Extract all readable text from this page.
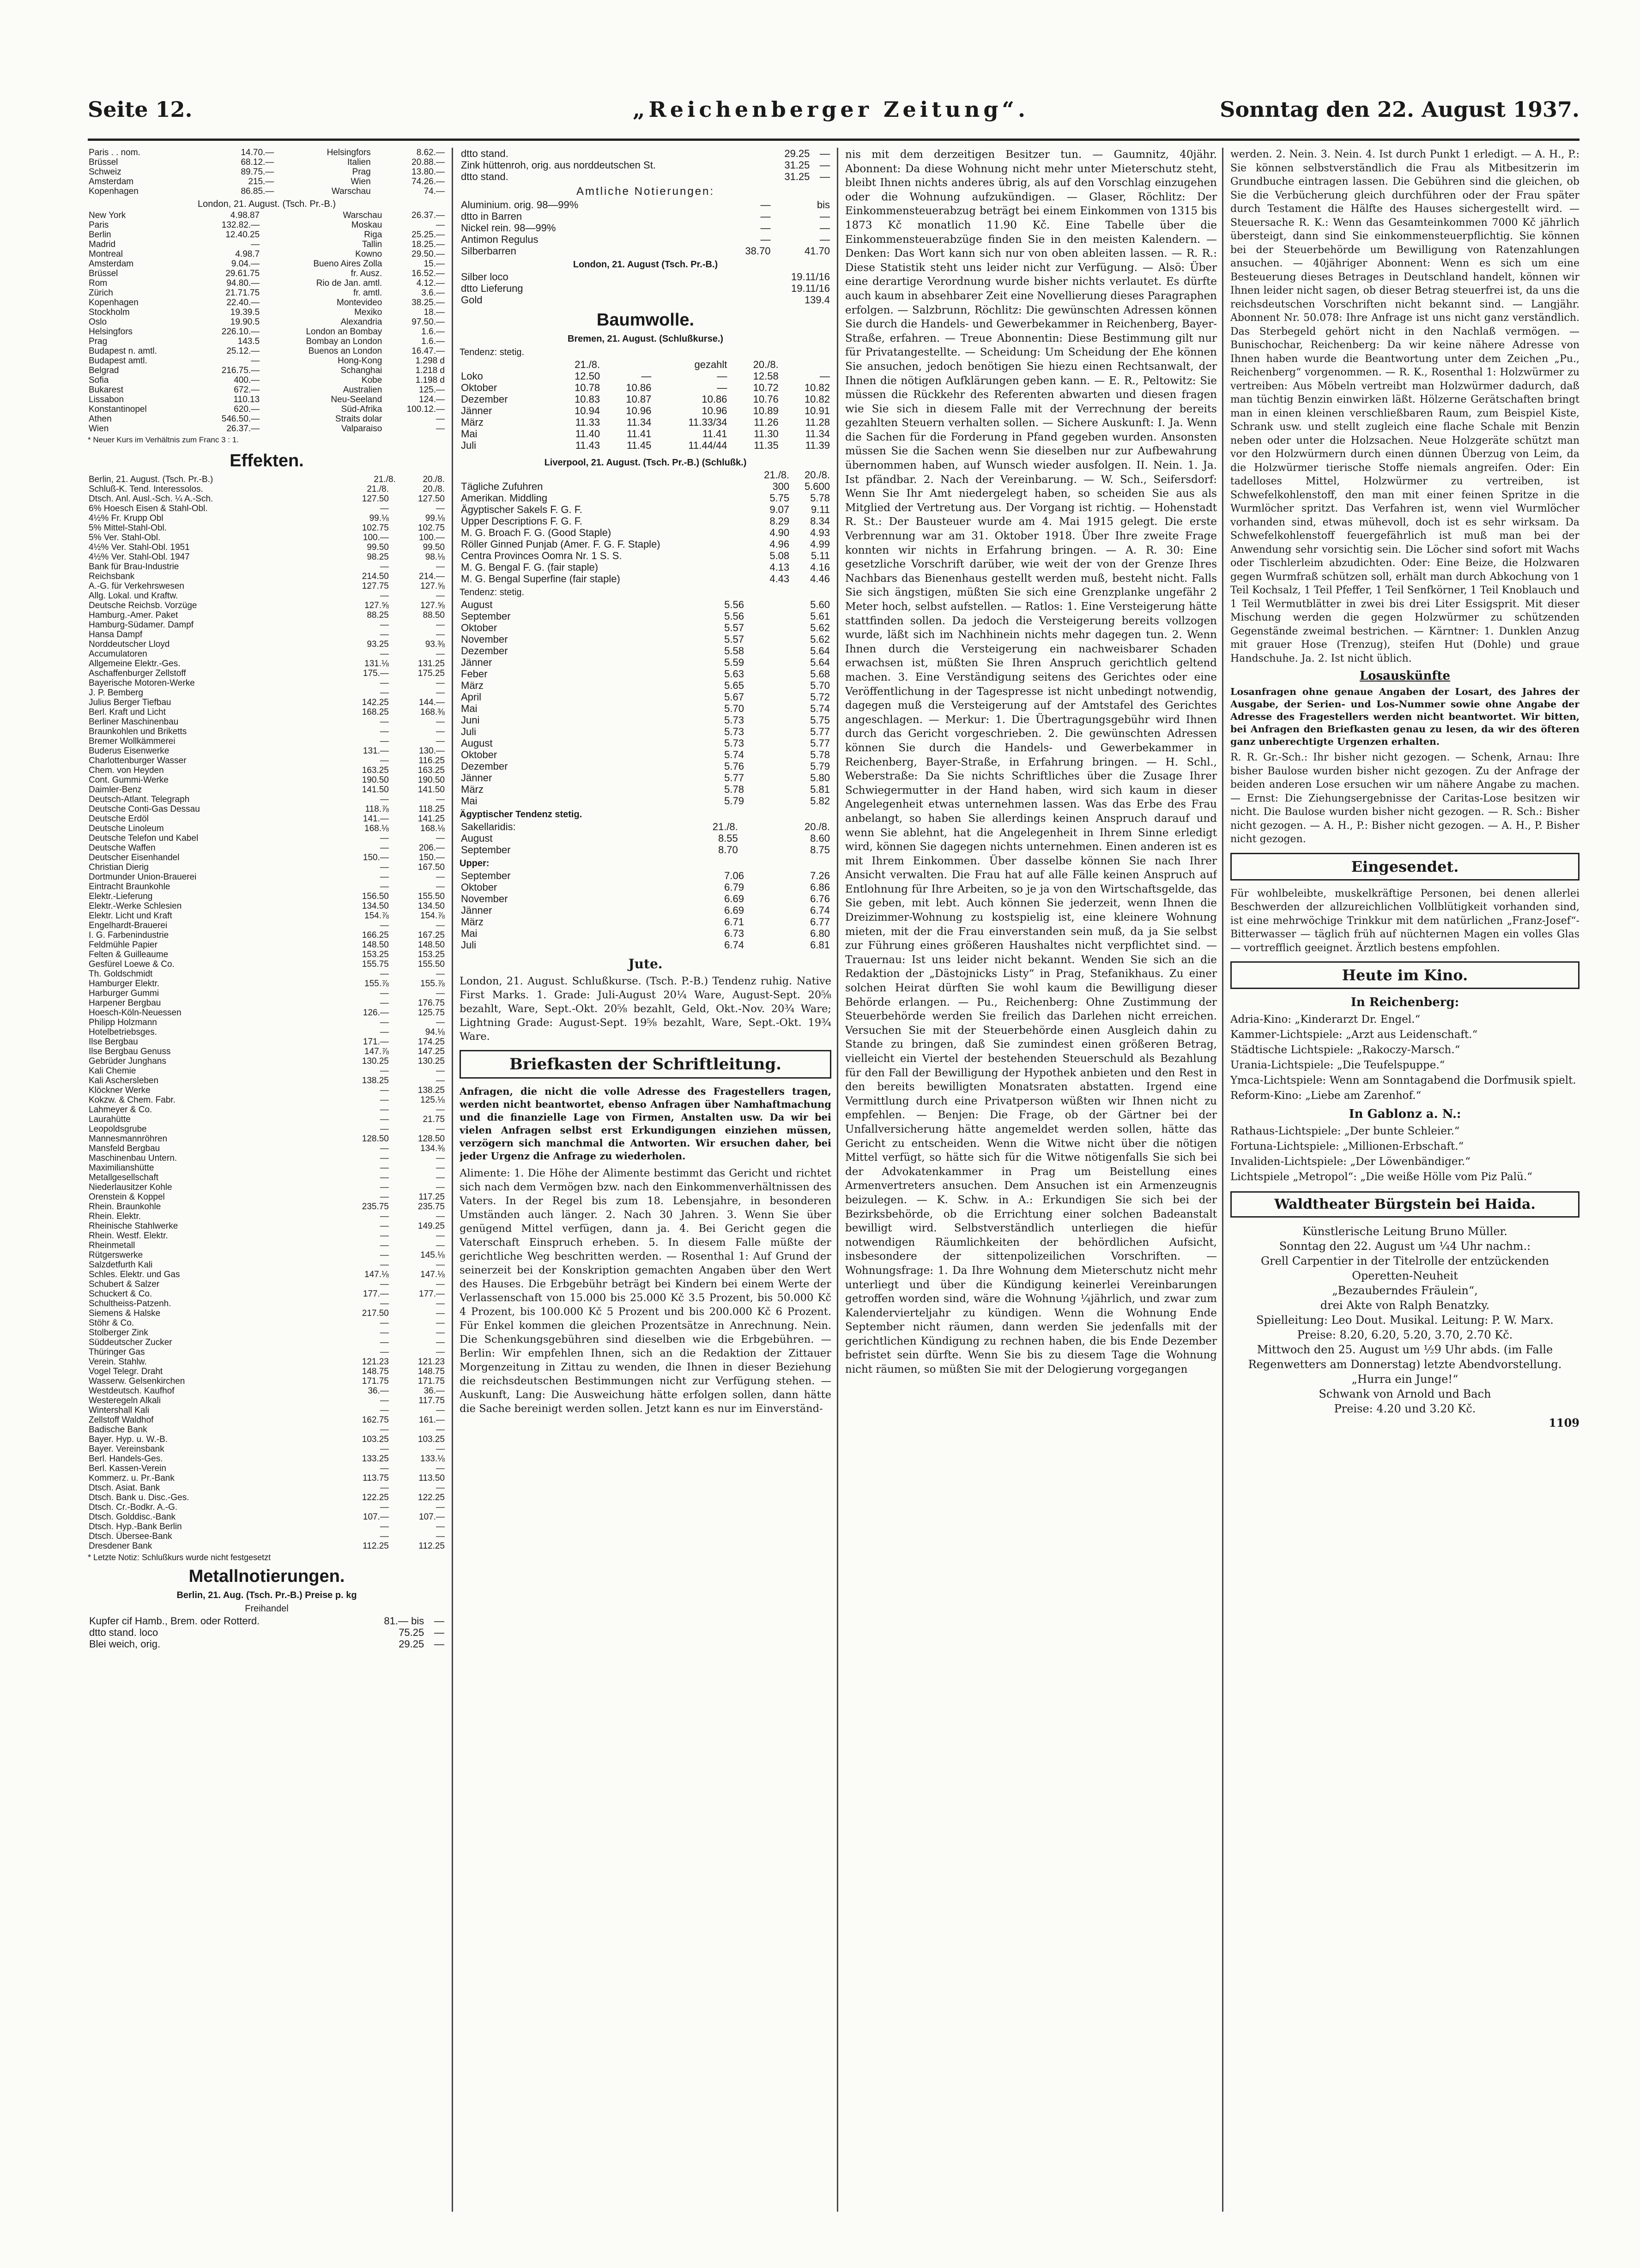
Seite 12.	„Reichenberger Zeitung“.	Sonntag den 22. August 1937.
Paris . . nom.	14.70.—	Helsingfors	8.62.—
Brüssel	68.12.—	Italien	20.88.—
Schweiz	89.75.—	Prag	13.80.—
Amsterdam	215.—	Wien	74.26.—
Kopenhagen	86.85.—	Warschau	74.—
London, 21. August. (Tsch. Pr.-B.)
New York	4.98.87	Warschau	26.37.—
Paris	132.82.—	Moskau	—
Berlin	12.40.25	Riga	25.25.—
Madrid	—	Tallin	18.25.—
Montreal	4.98.7	Kowno	29.50.—
Amsterdam	9.04.—	Bueno Aires Zolla	15.—
Brüssel	29.61.75	fr. Ausz.	16.52.—
Rom	94.80.—	Rio de Jan. amtl.	4.12.—
Zürich	21.71.75	fr. amtl.	3.6.—
Kopenhagen	22.40.—	Montevideo	38.25.—
Stockholm	19.39.5	Mexiko	18.—
Oslo	19.90.5	Alexandria	97.50.—
Helsingfors	226.10.—	London an Bombay	1.6.—
Prag	143.5	Bombay an London	1.6.—
Budapest n. amtl.	25.12.—	Buenos an London	16.47.—
Budapest amtl.	—	Hong-Kong	1.298 d
Belgrad	216.75.—	Schanghai	1.218 d
Sofia	400.—	Kobe	1.198 d
Bukarest	672.—	Australien	125.—
Lissabon	110.13	Neu-Seeland	124.—
Konstantinopel	620.—	Süd-Afrika	100.12.—
Athen	546.50.—	Straits dolar	—
Wien	26.37.—	Valparaiso	—
* Neuer Kurs im Verhältnis zum Franc 3 : 1.
Effekten.
Berlin, 21. August. (Tsch. Pr.-B.)	21./8.	20./8.
Schluß-K. Tend. Interessolos.	21./8.	20./8.
Dtsch. Anl. Ausl.-Sch. ¼ A.-Sch.	127.50	127.50
6% Hoesch Eisen & Stahl-Obl.	—	—
4½% Fr. Krupp Obl	99.⅛	99.⅛
5% Mittel-Stahl-Obl.	102.75	102.75
5% Ver. Stahl-Obl.	100.—	100.—
4½% Ver. Stahl-Obl. 1951	99.50	99.50
4½% Ver. Stahl-Obl. 1947	98.25	98.⅛
Bank für Brau-Industrie	—	—
Reichsbank	214.50	214.—
A.-G. für Verkehrswesen	127.75	127.⅝
Allg. Lokal. und Kraftw.	—	—
Deutsche Reichsb. Vorzüge	127.⅝	127.⅝
Hamburg.-Amer. Paket	88.25	88.50
Hamburg-Südamer. Dampf	—	—
Hansa Dampf	—	—
Norddeutscher Lloyd	93.25	93.⅜
Accumulatoren	—	—
Allgemeine Elektr.-Ges.	131.⅛	131.25
Aschaffenburger Zellstoff	175.—	175.25
Bayerische Motoren-Werke	—	—
J. P. Bemberg	—	—
Julius Berger Tiefbau	142.25	144.—
Berl. Kraft und Licht	168.25	168.⅜
Berliner Maschinenbau	—	—
Braunkohlen und Briketts	—	—
Bremer Wollkämmerei	—	—
Buderus Eisenwerke	131.—	130.—
Charlottenburger Wasser	—	116.25
Chem. von Heyden	163.25	163.25
Cont. Gummi-Werke	190.50	190.50
Daimler-Benz	141.50	141.50
Deutsch-Atlant. Telegraph	—	—
Deutsche Conti-Gas Dessau	118.⅞	118.25
Deutsche Erdöl	141.—	141.25
Deutsche Linoleum	168.⅛	168.⅛
Deutsche Telefon und Kabel	—	—
Deutsche Waffen	—	206.—
Deutscher Eisenhandel	150.—	150.—
Christian Dierig	—	167.50
Dortmunder Union-Brauerei	—	—
Eintracht Braunkohle	—	—
Elektr.-Lieferung	156.50	155.50
Elektr.-Werke Schlesien	134.50	134.50
Elektr. Licht und Kraft	154.⅞	154.⅞
Engelhardt-Brauerei	—	—
I. G. Farbenindustrie	166.25	167.25
Feldmühle Papier	148.50	148.50
Felten & Guilleaume	153.25	153.25
Gesfürel Loewe & Co.	155.75	155.50
Th. Goldschmidt	—	—
Hamburger Elektr.	155.⅞	155.⅞
Harburger Gummi	—	—
Harpener Bergbau	—	176.75
Hoesch-Köln-Neuessen	126.—	125.75
Philipp Holzmann	—	—
Hotelbetriebsges.	—	94.⅛
Ilse Bergbau	171.—	174.25
Ilse Bergbau Genuss	147.⅞	147.25
Gebrüder Junghans	130.25	130.25
Kali Chemie	—	—
Kali Aschersleben	138.25	—
Klöckner Werke	—	138.25
Kokzw. & Chem. Fabr.	—	125.⅛
Lahmeyer & Co.	—	—
Laurahütte	—	21.75
Leopoldsgrube	—	—
Mannesmannröhren	128.50	128.50
Mansfeld Bergbau	—	134.⅜
Maschinenbau Untern.	—	—
Maximilianshütte	—	—
Metallgesellschaft	—	—
Niederlausitzer Kohle	—	—
Orenstein & Koppel	—	117.25
Rhein. Braunkohle	235.75	235.75
Rhein. Elektr.	—	—
Rheinische Stahlwerke	—	149.25
Rhein. Westf. Elektr.	—	—
Rheinmetall	—	—
Rütgerswerke	—	145.⅛
Salzdetfurth Kali	—	—
Schles. Elektr. und Gas	147.⅛	147.⅛
Schubert & Salzer	—	—
Schuckert & Co.	177.—	177.—
Schultheiss-Patzenh.	—	—
Siemens & Halske	217.50	—
Stöhr & Co.	—	—
Stolberger Zink	—	—
Süddeutscher Zucker	—	—
Thüringer Gas	—	—
Verein. Stahlw.	121.23	121.23
Vogel Telegr. Draht	148.75	148.75
Wasserw. Gelsenkirchen	171.75	171.75
Westdeutsch. Kaufhof	36.—	36.—
Westeregeln Alkali	—	117.75
Wintershall Kali	—	—
Zellstoff Waldhof	162.75	161.—
Badische Bank	—	—
Bayer. Hyp. u. W.-B.	103.25	103.25
Bayer. Vereinsbank	—	—
Berl. Handels-Ges.	133.25	133.⅛
Berl. Kassen-Verein	—	—
Kommerz. u. Pr.-Bank	113.75	113.50
Dtsch. Asiat. Bank	—	—
Dtsch. Bank u. Disc.-Ges.	122.25	122.25
Dtsch. Cr.-Bodkr. A.-G.	—	—
Dtsch. Golddisc.-Bank	107.—	107.—
Dtsch. Hyp.-Bank Berlin	—	—
Dtsch. Übersee-Bank	—	—
Dresdener Bank	112.25	112.25
* Letzte Notiz: Schlußkurs wurde nicht festgesetzt
Metallnotierungen.
Berlin, 21. Aug. (Tsch. Pr.-B.) Preise p. kg
Freihandel
Kupfer cif Hamb., Brem. oder Rotterd.	81.— bis	—
dtto stand. loco	75.25	—
Blei weich, orig.	29.25	—
dtto stand.	29.25	—
Zink hüttenroh, orig. aus norddeutschen St.	31.25	—
dtto stand.	31.25	—
Amtliche Notierungen:
Aluminium. orig. 98—99%	—	bis
dtto in Barren	—	—
Nickel rein. 98—99%	—	—
Antimon Regulus	—	—
Silberbarren	38.70	41.70
London, 21. August (Tsch. Pr.-B.)
Silber loco	19.11/16
dtto Lieferung	19.11/16
Gold	139.4
Baumwolle.
Bremen, 21. August. (Schlußkurse.)
Tendenz: stetig.
	21./8.		gezahlt	20./8.	
Loko	12.50	—	—	12.58	—
Oktober	10.78	10.86	—	10.72	10.82
Dezember	10.83	10.87	10.86	10.76	10.82
Jänner	10.94	10.96	10.96	10.89	10.91
März	11.33	11.34	11.33/34	11.26	11.28
Mai	11.40	11.41	11.41	11.30	11.34
Juli	11.43	11.45	11.44/44	11.35	11.39
Liverpool, 21. August. (Tsch. Pr.-B.) (Schlußk.)
	21./8.	20./8.
Tägliche Zufuhren	300	5.600
Amerikan. Middling	5.75	5.78
Ägyptischer Sakels F. G. F.	9.07	9.11
Upper Descriptions F. G. F.	8.29	8.34
M. G. Broach F. G. (Good Staple)	4.90	4.93
Röller Ginned Punjab (Amer. F. G. F. Staple)	4.96	4.99
Centra Provinces Oomra Nr. 1 S. S.	5.08	5.11
M. G. Bengal F. G. (fair staple)	4.13	4.16
M. G. Bengal Superfine (fair staple)	4.43	4.46
Tendenz: stetig.
August	5.56	5.60
September	5.56	5.61
Oktober	5.57	5.62
November	5.57	5.62
Dezember	5.58	5.64
Jänner	5.59	5.64
Feber	5.63	5.68
März	5.65	5.70
April	5.67	5.72
Mai	5.70	5.74
Juni	5.73	5.75
Juli	5.73	5.77
August	5.73	5.77
Oktober	5.74	5.78
Dezember	5.76	5.79
Jänner	5.77	5.80
März	5.78	5.81
Mai	5.79	5.82
Ägyptischer Tendenz stetig.
Sakellaridis:	21./8.	20./8.
August	8.55	8.60
September	8.70	8.75
Upper:
September	7.06	7.26
Oktober	6.79	6.86
November	6.69	6.76
Jänner	6.69	6.74
März	6.71	6.77
Mai	6.73	6.80
Juli	6.74	6.81
Jute.
London, 21. August. Schlußkurse. (Tsch. P.-B.) Tendenz ruhig. Native First Marks. 1. Grade: Juli-August 20¼ Ware, August-Sept. 20⅝ bezahlt, Ware, Sept.-Okt. 20⅝ bezahlt, Geld, Okt.-Nov. 20¾ Ware; Lightning Grade: August-Sept. 19⅝ bezahlt, Ware, Sept.-Okt. 19¾ Ware.
Briefkasten der Schriftleitung.
Anfragen, die nicht die volle Adresse des Fragestellers tragen, werden nicht beantwortet, ebenso Anfragen über Namhaftmachung und die finanzielle Lage von Firmen, Anstalten usw. Da wir bei vielen Anfragen selbst erst Erkundigungen einziehen müssen, verzögern sich manchmal die Antworten. Wir ersuchen daher, bei jeder Urgenz die Anfrage zu wiederholen.
Alimente: 1. Die Höhe der Alimente bestimmt das Gericht und richtet sich nach dem Vermögen bzw. nach den Einkommenverhältnissen des Vaters. In der Regel bis zum 18. Lebensjahre, in besonderen Umständen auch länger. 2. Nach 30 Jahren. 3. Wenn Sie über genügend Mittel verfügen, dann ja. 4. Bei Gericht gegen die Vaterschaft Einspruch erheben. 5. In diesem Falle müßte der gerichtliche Weg beschritten werden. — Rosenthal 1: Auf Grund der seinerzeit bei der Konskription gemachten Angaben über den Wert des Hauses. Die Erbgebühr beträgt bei Kindern bei einem Werte der Verlassenschaft von 15.000 bis 25.000 Kč 3.5 Prozent, bis 50.000 Kč 4 Prozent, bis 100.000 Kč 5 Prozent und bis 200.000 Kč 6 Prozent. Für Enkel kommen die gleichen Prozentsätze in Anrechnung. Nein. Die Schenkungsgebühren sind dieselben wie die Erbgebühren. — Berlin: Wir empfehlen Ihnen, sich an die Redaktion der Zittauer Morgenzeitung in Zittau zu wenden, die Ihnen in dieser Beziehung die reichsdeutschen Bestimmungen nicht zur Verfügung stehen. — Auskunft, Lang: Die Ausweichung hätte erfolgen sollen, dann hätte die Sache bereinigt werden sollen. Jetzt kann es nur im Einverständ-
nis mit dem derzeitigen Besitzer tun. — Gaumnitz, 40jähr. Abonnent: Da diese Wohnung nicht mehr unter Mieterschutz steht, bleibt Ihnen nichts anderes übrig, als auf den Vorschlag einzugehen oder die Wohnung aufzukündigen. — Glaser, Röchlitz: Der Einkommensteuerabzug beträgt bei einem Einkommen von 1315 bis 1873 Kč monatlich 11.90 Kč. Eine Tabelle über die Einkommensteuerabzüge finden Sie in den meisten Kalendern. — Denken: Das Wort kann sich nur von oben ableiten lassen. — R. R.: Diese Statistik steht uns leider nicht zur Verfügung. — Alsö: Über eine derartige Verordnung wurde bisher nichts verlautet. Es dürfte auch kaum in absehbarer Zeit eine Novellierung dieses Paragraphen erfolgen. — Salzbrunn, Röchlitz: Die gewünschten Adressen können Sie durch die Handels- und Gewerbekammer in Reichenberg, Bayer-Straße, erfahren. — Treue Abonnentin: Diese Bestimmung gilt nur für Privatangestellte. — Scheidung: Um Scheidung der Ehe können Sie ansuchen, jedoch benötigen Sie hiezu einen Rechtsanwalt, der Ihnen die nötigen Aufklärungen geben kann. — E. R., Peltowitz: Sie müssen die Rückkehr des Referenten abwarten und diesen fragen wie Sie sich in diesem Falle mit der Verrechnung der bereits gezahlten Steuern verhalten sollen. — Sichere Auskunft: I. Ja. Wenn die Sachen für die Forderung in Pfand gegeben wurden. Ansonsten müssen Sie die Sachen wenn Sie dieselben nur zur Aufbewahrung übernommen haben, auf Wunsch wieder ausfolgen. II. Nein. 1. Ja. Ist pfändbar. 2. Nach der Vereinbarung. — W. Sch., Seifersdorf: Wenn Sie Ihr Amt niedergelegt haben, so scheiden Sie aus als Mitglied der Vertretung aus. Der Vorgang ist richtig. — Hohenstadt R. St.: Der Bausteuer wurde am 4. Mai 1915 gelegt. Die erste Verbrennung war am 31. Oktober 1918. Über Ihre zweite Frage konnten wir nichts in Erfahrung bringen. — A. R. 30: Eine gesetzliche Vorschrift darüber, wie weit der von der Grenze Ihres Nachbars das Bienenhaus gestellt werden muß, besteht nicht. Falls Sie sich ängstigen, müßten Sie sich eine Grenzplanke ungefähr 2 Meter hoch, selbst aufstellen. — Ratlos: 1. Eine Versteigerung hätte stattfinden sollen. Da jedoch die Versteigerung bereits vollzogen wurde, läßt sich im Nachhinein nichts mehr dagegen tun. 2. Wenn Ihnen durch die Versteigerung ein nachweisbarer Schaden erwachsen ist, müßten Sie Ihren Anspruch gerichtlich geltend machen. 3. Eine Verständigung seitens des Gerichtes oder eine Veröffentlichung in der Tagespresse ist nicht unbedingt notwendig, dagegen muß die Versteigerung auf der Amtstafel des Gerichtes angeschlagen. — Merkur: 1. Die Übertragungsgebühr wird Ihnen durch das Gericht vorgeschrieben. 2. Die gewünschten Adressen können Sie durch die Handels- und Gewerbekammer in Reichenberg, Bayer-Straße, in Erfahrung bringen. — H. Schl., Weberstraße: Da Sie nichts Schriftliches über die Zusage Ihrer Schwiegermutter in der Hand haben, wird sich kaum in dieser Angelegenheit etwas unternehmen lassen. Was das Erbe des Frau anbelangt, so haben Sie allerdings keinen Anspruch darauf und wenn Sie ablehnt, hat die Angelegenheit in Ihrem Sinne erledigt wird, können Sie dagegen nichts unternehmen. Einen anderen ist es mit Ihrem Einkommen. Über dasselbe können Sie nach Ihrer Ansicht verwalten. Die Frau hat auf alle Fälle keinen Anspruch auf Entlohnung für Ihre Arbeiten, so je ja von den Wirtschaftsgelde, das Sie geben, mit lebt. Auch können Sie jederzeit, wenn Ihnen die Dreizimmer-Wohnung zu kostspielig ist, eine kleinere Wohnung mieten, mit der die Frau einverstanden sein muß, da ja Sie selbst zur Führung eines größeren Haushaltes nicht verpflichtet sind. — Trauernau: Ist uns leider nicht bekannt. Wenden Sie sich an die Redaktion der „Dästojnicks Listy“ in Prag, Stefanikhaus. Zu einer solchen Heirat dürften Sie wohl kaum die Bewilligung dieser Behörde erlangen. — Pu., Reichenberg: Ohne Zustimmung der Steuerbehörde werden Sie freilich das Darlehen nicht erreichen. Versuchen Sie mit der Steuerbehörde einen Ausgleich dahin zu Stande zu bringen, daß Sie zumindest einen größeren Betrag, vielleicht ein Viertel der bestehenden Steuerschuld als Bezahlung für den Fall der Bewilligung der Hypothek anbieten und den Rest in den bereits bewilligten Monatsraten abstatten. Irgend eine Vermittlung durch eine Privatperson wüßten wir Ihnen nicht zu empfehlen. — Benjen: Die Frage, ob der Gärtner bei der Unfallversicherung hätte angemeldet werden sollen, hätte das Gericht zu entscheiden. Wenn die Witwe nicht über die nötigen Mittel verfügt, so hätte sich für die Witwe nötigenfalls Sie sich bei der Advokatenkammer in Prag um Beistellung eines Armenvertreters ansuchen. Dem Ansuchen ist ein Armenzeugnis beizulegen. — K. Schw. in A.: Erkundigen Sie sich bei der Bezirksbehörde, ob die Errichtung einer solchen Badeanstalt bewilligt wird. Selbstverständlich unterliegen die hiefür notwendigen Räumlichkeiten der behördlichen Aufsicht, insbesondere der sittenpolizeilichen Vorschriften. — Wohnungsfrage: 1. Da Ihre Wohnung dem Mieterschutz nicht mehr unterliegt und über die Kündigung keinerlei Vereinbarungen getroffen worden sind, wäre die Wohnung ¼jährlich, und zwar zum Kalendervierteljahr zu kündigen. Wenn die Wohnung Ende September nicht räumen, dann werden Sie jedenfalls mit der gerichtlichen Kündigung zu rechnen haben, die bis Ende Dezember befristet sein dürfte. Wenn Sie bis zu diesem Tage die Wohnung nicht räumen, so müßten Sie mit der Delogierung vorgegangen
werden. 2. Nein. 3. Nein. 4. Ist durch Punkt 1 erledigt. — A. H., P.: Sie können selbstverständlich die Frau als Mitbesitzerin im Grundbuche eintragen lassen. Die Gebühren sind die gleichen, ob Sie die Verbücherung gleich durchführen oder der Frau später durch Testament die Hälfte des Hauses sichergestellt wird. — Steuersache R. K.: Wenn das Gesamteinkommen 7000 Kč jährlich übersteigt, dann sind Sie einkommensteuerpflichtig. Sie können bei der Steuerbehörde um Bewilligung von Ratenzahlungen ansuchen. — 40jähriger Abonnent: Wenn es sich um eine Besteuerung dieses Betrages in Deutschland handelt, können wir Ihnen leider nicht sagen, ob dieser Betrag steuerfrei ist, da uns die reichsdeutschen Vorschriften nicht bekannt sind. — Langjähr. Abonnent Nr. 50.078: Ihre Anfrage ist uns nicht ganz verständlich. Das Sterbegeld gehört nicht in den Nachlaß vermögen. — Bunischochar, Reichenberg: Da wir keine nähere Adresse von Ihnen haben wurde die Beantwortung unter dem Zeichen „Pu., Reichenberg“ vorgenommen. — R. K., Rosenthal 1: Holzwürmer zu vertreiben: Aus Möbeln vertreibt man Holzwürmer dadurch, daß man tüchtig Benzin einwirken läßt. Hölzerne Gerätschaften bringt man in einen kleinen verschließbaren Raum, zum Beispiel Kiste, Schrank usw. und stellt zugleich eine flache Schale mit Benzin neben oder unter die Holzsachen. Neue Holzgeräte schützt man vor den Holzwürmern durch einen dünnen Überzug von Leim, da die Holzwürmer tierische Stoffe niemals angreifen. Oder: Ein tadelloses Mittel, Holzwürmer zu vertreiben, ist Schwefelkohlenstoff, den man mit einer feinen Spritze in die Wurmlöcher spritzt. Das Verfahren ist, wenn viel Wurmlöcher vorhanden sind, etwas mühevoll, doch ist es sehr wirksam. Da Schwefelkohlenstoff feuergefährlich ist muß man bei der Anwendung sehr vorsichtig sein. Die Löcher sind sofort mit Wachs oder Tischlerleim abzudichten. Oder: Eine Beize, die Holzwaren gegen Wurmfraß schützen soll, erhält man durch Abkochung von 1 Teil Kochsalz, 1 Teil Pfeffer, 1 Teil Senfkörner, 1 Teil Knoblauch und 1 Teil Wermutblätter in zwei bis drei Liter Essigsprit. Mit dieser Mischung werden die gegen Holzwürmer zu schützenden Gegenstände zweimal bestrichen. — Kärntner: 1. Dunklen Anzug mit grauer Hose (Trenzug), steifen Hut (Dohle) und graue Handschuhe. Ja. 2. Ist nicht üblich.
Losauskünfte
Losanfragen ohne genaue Angaben der Losart, des Jahres der Ausgabe, der Serien- und Los-Nummer sowie ohne Angabe der Adresse des Fragestellers werden nicht beantwortet. Wir bitten, bei Anfragen den Briefkasten genau zu lesen, da wir des öfteren ganz unberechtigte Urgenzen erhalten.
R. R. Gr.-Sch.: Ihr bisher nicht gezogen. — Schenk, Arnau: Ihre bisher Baulose wurden bisher nicht gezogen. Zu der Anfrage der beiden anderen Lose ersuchen wir um nähere Angabe zu machen. — Ernst: Die Ziehungsergebnisse der Caritas-Lose besitzen wir nicht. Die Baulose wurden bisher nicht gezogen. — R. Sch.: Bisher nicht gezogen. — A. H., P.: Bisher nicht gezogen. — A. H., P. Bisher nicht gezogen.
Eingesendet.
Für wohlbeleibte, muskelkräftige Personen, bei denen allerlei Beschwerden der allzureichlichen Vollblütigkeit vorhanden sind, ist eine mehrwöchige Trinkkur mit dem natürlichen „Franz-Josef“-Bitterwasser — täglich früh auf nüchternen Magen ein volles Glas — vortrefflich geeignet. Ärztlich bestens empfohlen.
Heute im Kino.
In Reichenberg:
Adria-Kino: „Kinderarzt Dr. Engel.“
Kammer-Lichtspiele: „Arzt aus Leidenschaft.“
Städtische Lichtspiele: „Rakoczy-Marsch.“
Urania-Lichtspiele: „Die Teufelspuppe.“
Ymca-Lichtspiele: Wenn am Sonntagabend die Dorfmusik spielt.
Reform-Kino: „Liebe am Zarenhof.“
In Gablonz a. N.:
Rathaus-Lichtspiele: „Der bunte Schleier.“
Fortuna-Lichtspiele: „Millionen-Erbschaft.“
Invaliden-Lichtspiele: „Der Löwenbändiger.“
Lichtspiele „Metropol“: „Die weiße Hölle vom Piz Palü.“
Waldtheater Bürgstein bei Haida.
Künstlerische Leitung Bruno Müller.
Sonntag den 22. August um ¼4 Uhr nachm.:
Grell Carpentier in der Titelrolle der entzückenden Operetten-Neuheit
„Bezauberndes Fräulein“,
drei Akte von Ralph Benatzky.
Spielleitung: Leo Dout. Musikal. Leitung: P. W. Marx.
Preise: 8.20, 6.20, 5.20, 3.70, 2.70 Kč.
Mittwoch den 25. August um ½9 Uhr abds. (im Falle Regenwetters am Donnerstag) letzte Abendvorstellung.
„Hurra ein Junge!“
Schwank von Arnold und Bach
Preise: 4.20 und 3.20 Kč.
1109
